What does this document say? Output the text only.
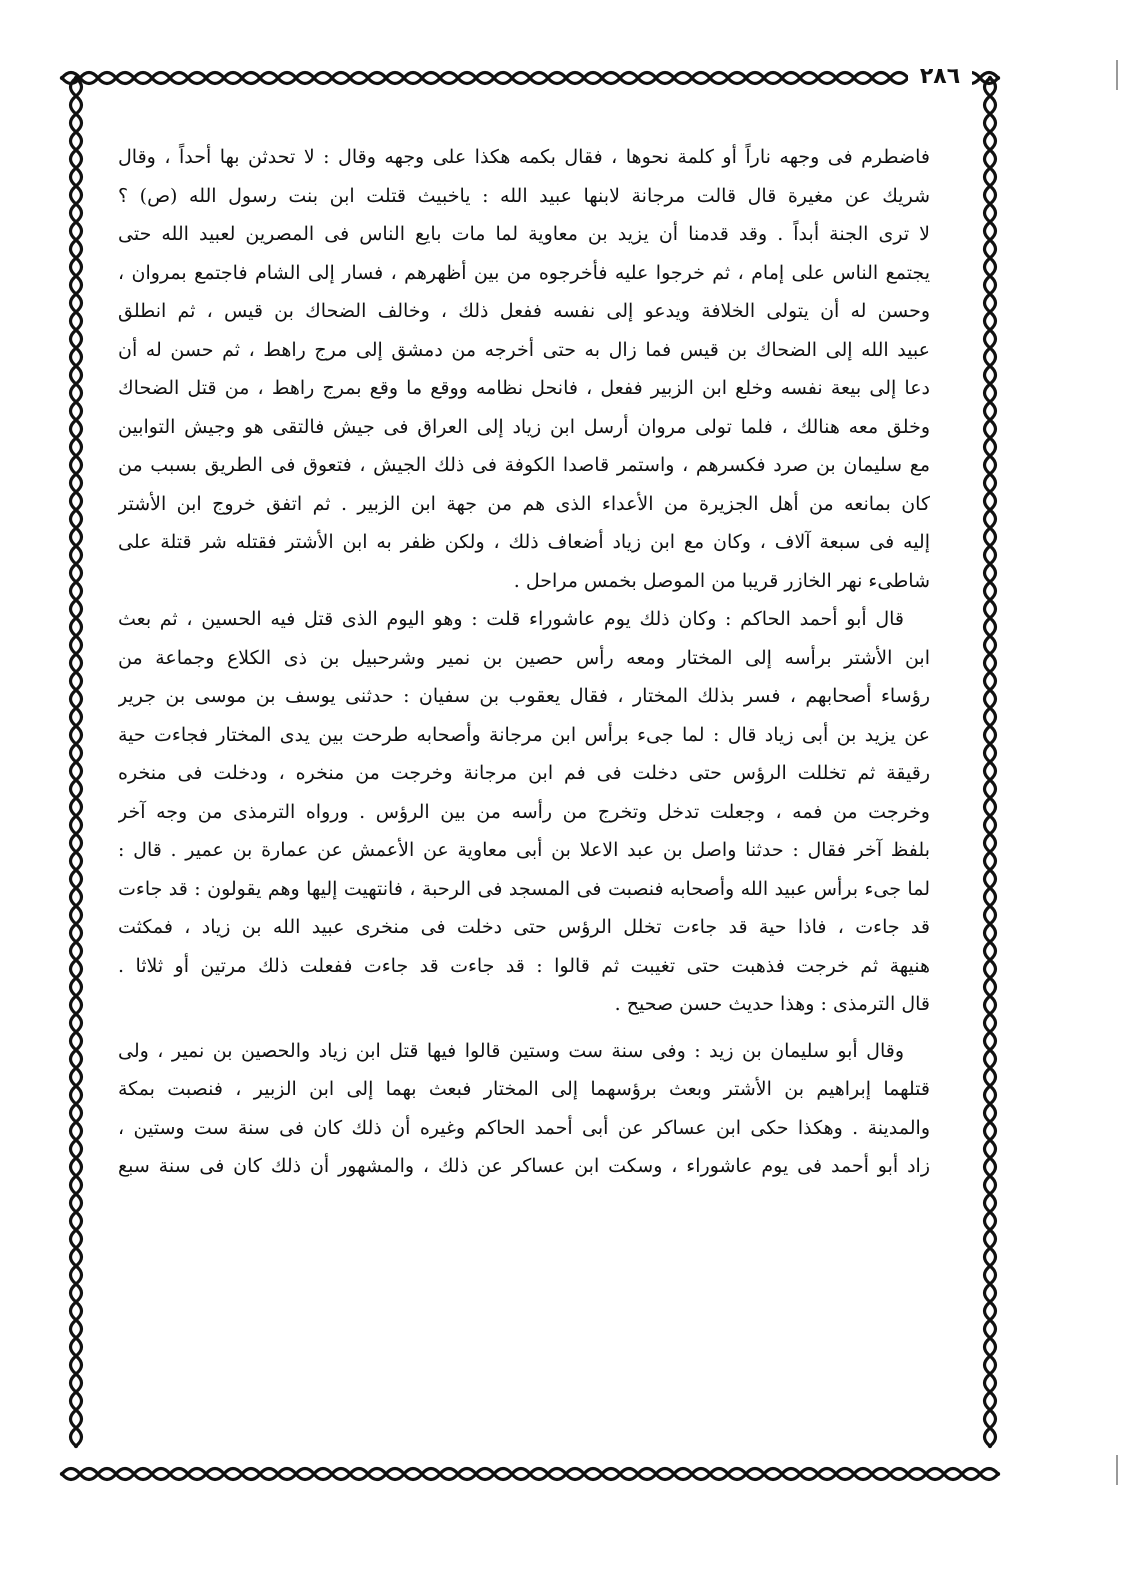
٢٨٦
فاضطرم فى وجهه ناراً أو كلمة نحوها ، فقال بكمه هكذا على وجهه وقال : لا تحدثن بها أحداً ، وقال
شريك عن مغيرة قال قالت مرجانة لابنها عبيد الله : ياخبيث قتلت ابن بنت رسول الله (ص) ؟
لا ترى الجنة أبداً . وقد قدمنا أن يزيد بن معاوية لما مات بايع الناس فى المصرين لعبيد الله حتى
يجتمع الناس على إمام ، ثم خرجوا عليه فأخرجوه من بين أظهرهم ، فسار إلى الشام فاجتمع بمروان ،
وحسن له أن يتولى الخلافة ويدعو إلى نفسه ففعل ذلك ، وخالف الضحاك بن قيس ، ثم انطلق
عبيد الله إلى الضحاك بن قيس فما زال به حتى أخرجه من دمشق إلى مرج راهط ، ثم حسن له أن
دعا إلى بيعة نفسه وخلع ابن الزبير ففعل ، فانحل نظامه ووقع ما وقع بمرج راهط ، من قتل الضحاك
وخلق معه هنالك ، فلما تولى مروان أرسل ابن زياد إلى العراق فى جيش فالتقى هو وجيش التوابين
مع سليمان بن صرد فكسرهم ، واستمر قاصدا الكوفة فى ذلك الجيش ، فتعوق فى الطريق بسبب من
كان بمانعه من أهل الجزيرة من الأعداء الذى هم من جهة ابن الزبير . ثم اتفق خروج ابن الأشتر
إليه فى سبعة آلاف ، وكان مع ابن زياد أضعاف ذلك ، ولكن ظفر به ابن الأشتر فقتله شر قتلة على
شاطىء نهر الخازر قريبا من الموصل بخمس مراحل .
قال أبو أحمد الحاكم : وكان ذلك يوم عاشوراء قلت : وهو اليوم الذى قتل فيه الحسين ، ثم بعث
ابن الأشتر برأسه إلى المختار ومعه رأس حصين بن نمير وشرحبيل بن ذى الكلاع وجماعة من
رؤساء أصحابهم ، فسر بذلك المختار ، فقال يعقوب بن سفيان : حدثنى يوسف بن موسى بن جرير
عن يزيد بن أبى زياد قال : لما جىء برأس ابن مرجانة وأصحابه طرحت بين يدى المختار فجاءت حية
رقيقة ثم تخللت الرؤس حتى دخلت فى فم ابن مرجانة وخرجت من منخره ، ودخلت فى منخره
وخرجت من فمه ، وجعلت تدخل وتخرج من رأسه من بين الرؤس . ورواه الترمذى من وجه آخر
بلفظ آخر فقال : حدثنا واصل بن عبد الاعلا بن أبى معاوية عن الأعمش عن عمارة بن عمير . قال :
لما جىء برأس عبيد الله وأصحابه فنصبت فى المسجد فى الرحبة ، فانتهيت إليها وهم يقولون : قد جاءت
قد جاءت ، فاذا حية قد جاءت تخلل الرؤس حتى دخلت فى منخرى عبيد الله بن زياد ، فمكثت
هنيهة ثم خرجت فذهبت حتى تغيبت ثم قالوا : قد جاءت قد جاءت ففعلت ذلك مرتين أو ثلاثا .
قال الترمذى : وهذا حديث حسن صحيح .
وقال أبو سليمان بن زيد : وفى سنة ست وستين قالوا فيها قتل ابن زياد والحصين بن نمير ، ولى
قتلهما إبراهيم بن الأشتر وبعث برؤسهما إلى المختار فبعث بهما إلى ابن الزبير ، فنصبت بمكة
والمدينة . وهكذا حكى ابن عساكر عن أبى أحمد الحاكم وغيره أن ذلك كان فى سنة ست وستين ،
زاد أبو أحمد فى يوم عاشوراء ، وسكت ابن عساكر عن ذلك ، والمشهور أن ذلك كان فى سنة سبع
